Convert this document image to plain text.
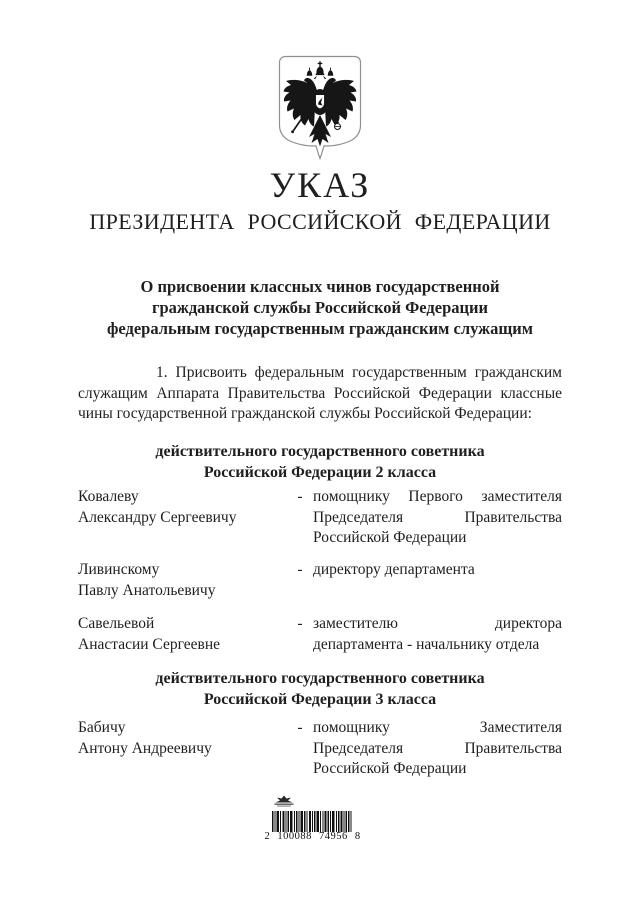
УКАЗ
ПРЕЗИДЕНТА РОССИЙСКОЙ ФЕДЕРАЦИИ
О присвоении классных чинов государственной
гражданской службы Российской Федерации
федеральным государственным гражданским служащим
1. Присвоить федеральным государственным гражданским
служащим Аппарата Правительства Российской Федерации классные
чины государственной гражданской службы Российской Федерации:
действительного государственного советника
Российской Федерации 2 класса
Ковалеву
Александру Сергеевичу
- помощнику Первого заместителя
Председателя Правительства
Российской Федерации
Ливинскому
Павлу Анатольевичу
- директору департамента
Савельевой
Анастасии Сергеевне
- заместителю директора
департамента - начальнику отдела
действительного государственного советника
Российской Федерации 3 класса
Бабичу
Антону Андреевичу
- помощнику Заместителя
Председателя Правительства
Российской Федерации
2 100088 74956 8
